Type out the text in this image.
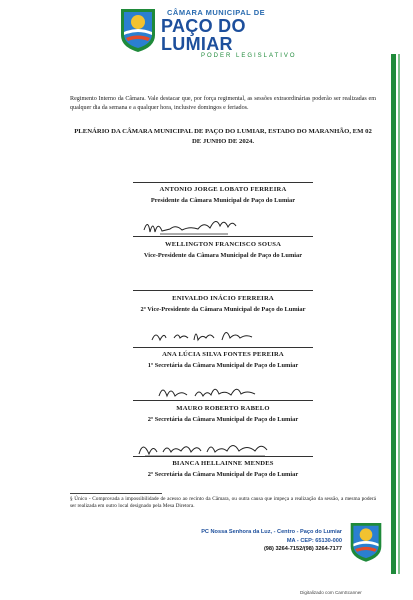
CÂMARA MUNICIPAL DE
PAÇO DO LUMIAR
PODER LEGISLATIVO
Regimento Interno da Câmara. Vale destacar que, por força regimental, as sessões extraordinárias poderão ser realizadas em qualquer dia da semana e a qualquer hora, inclusive domingos e feriados.
PLENÁRIO DA CÂMARA MUNICIPAL DE PAÇO DO LUMIAR, ESTADO DO MARANHÃO, EM 02 DE JUNHO DE 2024.
ANTONIO JORGE LOBATO FERREIRA
Presidente da Câmara Municipal de Paço do Lumiar
WELLINGTON FRANCISCO SOUSA
Vice-Presidente da Câmara Municipal de Paço do Lumiar
ENIVALDO INÁCIO FERREIRA
2º Vice-Presidente da Câmara Municipal de Paço do Lumiar
ANA LÚCIA SILVA FONTES PEREIRA
1º Secretária da Câmara Municipal de Paço do Lumiar
MAURO ROBERTO RABELO
2º Secretária da Câmara Municipal de Paço do Lumiar
BIANCA HELLAINNE MENDES
2º Secretária da Câmara Municipal de Paço do Lumiar
§ Único - Comprovada a impossibilidade de acesso ao recinto da Câmara, ou outra causa que impeça a realização da sessão, a mesma poderá ser realizada em outro local designado pela Mesa Diretora.
PC Nossa Senhora da Luz, - Centro - Paço do Lumiar
MA - CEP: 65130-000
(98) 3264-7152/(98) 3264-7177
Digitalizado com CamScanner
